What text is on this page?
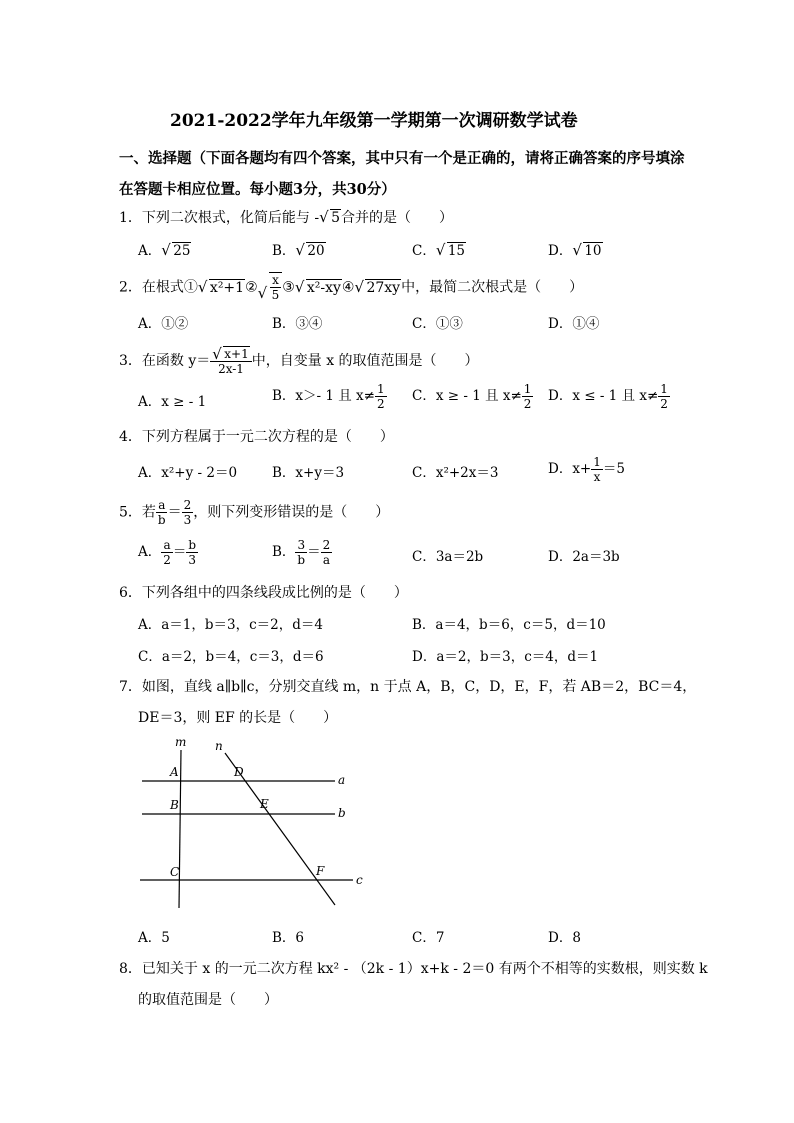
2021-2022学年九年级第一学期第一次调研数学试卷
一、选择题（下面各题均有四个答案，其中只有一个是正确的，请将正确答案的序号填涂
在答题卡相应位置。每小题3分，共30分）
1．下列二次根式，化简后能与 - √ 5合并的是（　　）
A． √ 25	B． √ 20	C． √ 15	D． √ 10
2．在根式① √ x²+1② √ $\frac{x}{5}$ ③ √ x²-xy④ √ 27xy中，最简二次根式是（　　）
A．①②	B．③④	C．①③	D．①④
3．在函数 $y= \frac{√ x+1}{2x-1}$ 中，自变量 x 的取值范围是（　　）
A．x ≥ - 1	B．x＞- 1 且 $x\ne \frac{1}{2}$ C．x ≥ - 1 且 $x\ne \frac{1}{2}$ D．x ≤ - 1 且 $x\ne \frac{1}{2}$
4．下列方程属于一元二次方程的是（　　）
A．x²+y - 2＝0	B．x+y＝3	C．x²+2x＝3	D．$x+ \frac{1}{x} =5$
5．若 $\frac{a}{b} = \frac{2}{3}$ ，则下列变形错误的是（　　）
A． $\frac{a}{2} = \frac{b}{3}$	B． $\frac{3}{b} = \frac{2}{a}$	C．3a＝2b	D．2a＝3b
6．下列各组中的四条线段成比例的是（　　）
A．a＝1，b＝3，c＝2，d＝4	B．a＝4，b＝6，c＝5，d＝10
C．a＝2，b＝4，c＝3，d＝6	D．a＝2，b＝3，c＝4，d＝1
7．如图，直线 a∥b∥c，分别交直线 m，n 于点 A，B，C，D，E，F，若 AB＝2，BC＝4，
DE＝3，则 EF 的长是（　　）
m n
A	D
a
B	E
b
C	F
c
A．5	B．6	C．7	D．8
8．已知关于 x 的一元二次方程 kx² - （2k - 1）x+k - 2＝0 有两个不相等的实数根，则实数 k
的取值范围是（　　）
